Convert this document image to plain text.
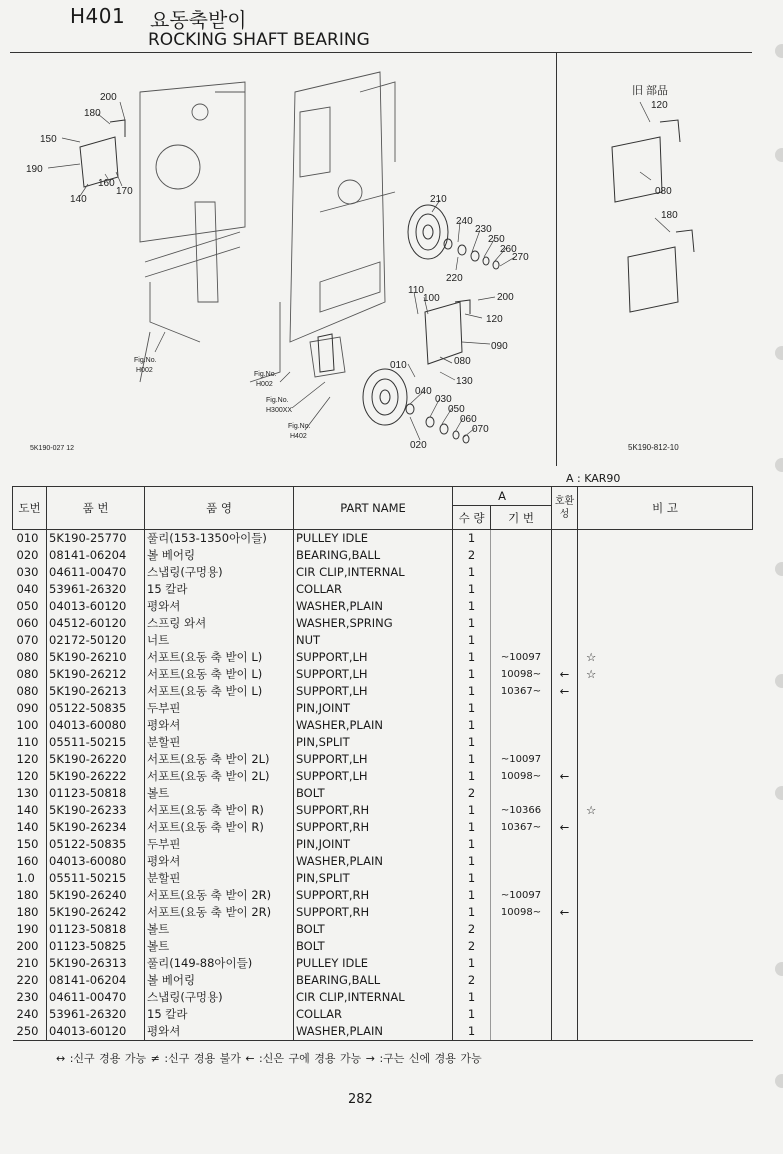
H401 요동축받이
ROCKING SHAFT BEARING
200
180
150
190
160
170
140	210
240
230
250
260
270
220
110
100	200
120
090
010	080
130
040
030
050
060
070
020
120
080
180
Fig.No.
H002
Fig.No.
H002
Fig.No.
H300XX
Fig.No.
H402
5K190-027 12
旧 部品
5K190-812-10
A : KAR90
도번	품 번	품 영	PART NAME	A		호환성	비 고
				수 량	기 번		
010	5K190-25770	풀리(153-1350아이들)	PULLEY IDLE	1			
020	08141-06204	볼 베어링	BEARING,BALL	2			
030	04611-00470	스냅링(구멍용)	CIR CLIP,INTERNAL	1			
040	53961-26320	15 칼라	COLLAR	1			
050	04013-60120	평와셔	WASHER,PLAIN	1			
060	04512-60120	스프링 와셔	WASHER,SPRING	1			
070	02172-50120	너트	NUT	1			
080	5K190-26210	서포트(요동 축 받이 L)	SUPPORT,LH	1	~10097		☆
080	5K190-26212	서포트(요동 축 받이 L)	SUPPORT,LH	1	10098~	←	☆
080	5K190-26213	서포트(요동 축 받이 L)	SUPPORT,LH	1	10367~	←	
090	05122-50835	두부핀	PIN,JOINT	1			
100	04013-60080	평와셔	WASHER,PLAIN	1			
110	05511-50215	분할핀	PIN,SPLIT	1			
120	5K190-26220	서포트(요동 축 받이 2L)	SUPPORT,LH	1	~10097		
120	5K190-26222	서포트(요동 축 받이 2L)	SUPPORT,LH	1	10098~	←	
130	01123-50818	볼트	BOLT	2			
140	5K190-26233	서포트(요동 축 받이 R)	SUPPORT,RH	1	~10366		☆
140	5K190-26234	서포트(요동 축 받이 R)	SUPPORT,RH	1	10367~	←	
150	05122-50835	두부핀	PIN,JOINT	1			
160	04013-60080	평와셔	WASHER,PLAIN	1			
1.0	05511-50215	분할핀	PIN,SPLIT	1			
180	5K190-26240	서포트(요동 축 받이 2R)	SUPPORT,RH	1	~10097		
180	5K190-26242	서포트(요동 축 받이 2R)	SUPPORT,RH	1	10098~	←	
190	01123-50818	볼트	BOLT	2			
200	01123-50825	볼트	BOLT	2			
210	5K190-26313	풀리(149-88아이들)	PULLEY IDLE	1			
220	08141-06204	볼 베어링	BEARING,BALL	2			
230	04611-00470	스냅링(구멍용)	CIR CLIP,INTERNAL	1			
240	53961-26320	15 칼라	COLLAR	1			
250	04013-60120	평와셔	WASHER,PLAIN	1			
↔ :신구 경용 가능 ≠ :신구 경용 불가 ← :신은 구에 경용 가능 → :구는 신에 경용 가능
282
